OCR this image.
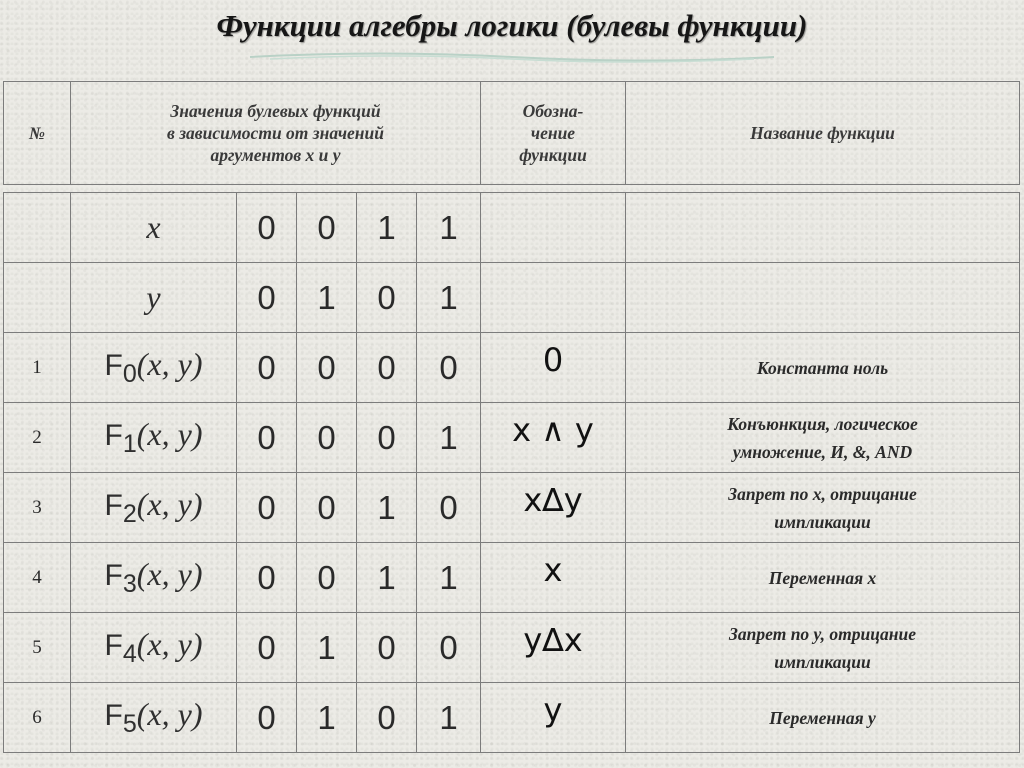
Функции алгебры логики (булевы функции)
№	Значения булевых функций
в зависимости от значений
аргументов x и y	Обозна-
чение
функции	Название функции
	x	0	0	1	1		
	y	0	1	0	1		
1	$F_0(x$, y)	0	0	0	0	0	Константа ноль
2	$F_1(x$, y)	0	0	0	1	x ∧ y	Конъюнкция, логическое
умножение, И, &, AND
3	$F_2(x$, y)	0	0	1	0	x∆y	Запрет по x, отрицание
импликации
4	$F_3(x$, y)	0	0	1	1	x	Переменная x
5	$F_4(x$, y)	0	1	0	0	y∆x	Запрет по y, отрицание
импликации
6	$F_5(x$, y)	0	1	0	1	y	Переменная y
